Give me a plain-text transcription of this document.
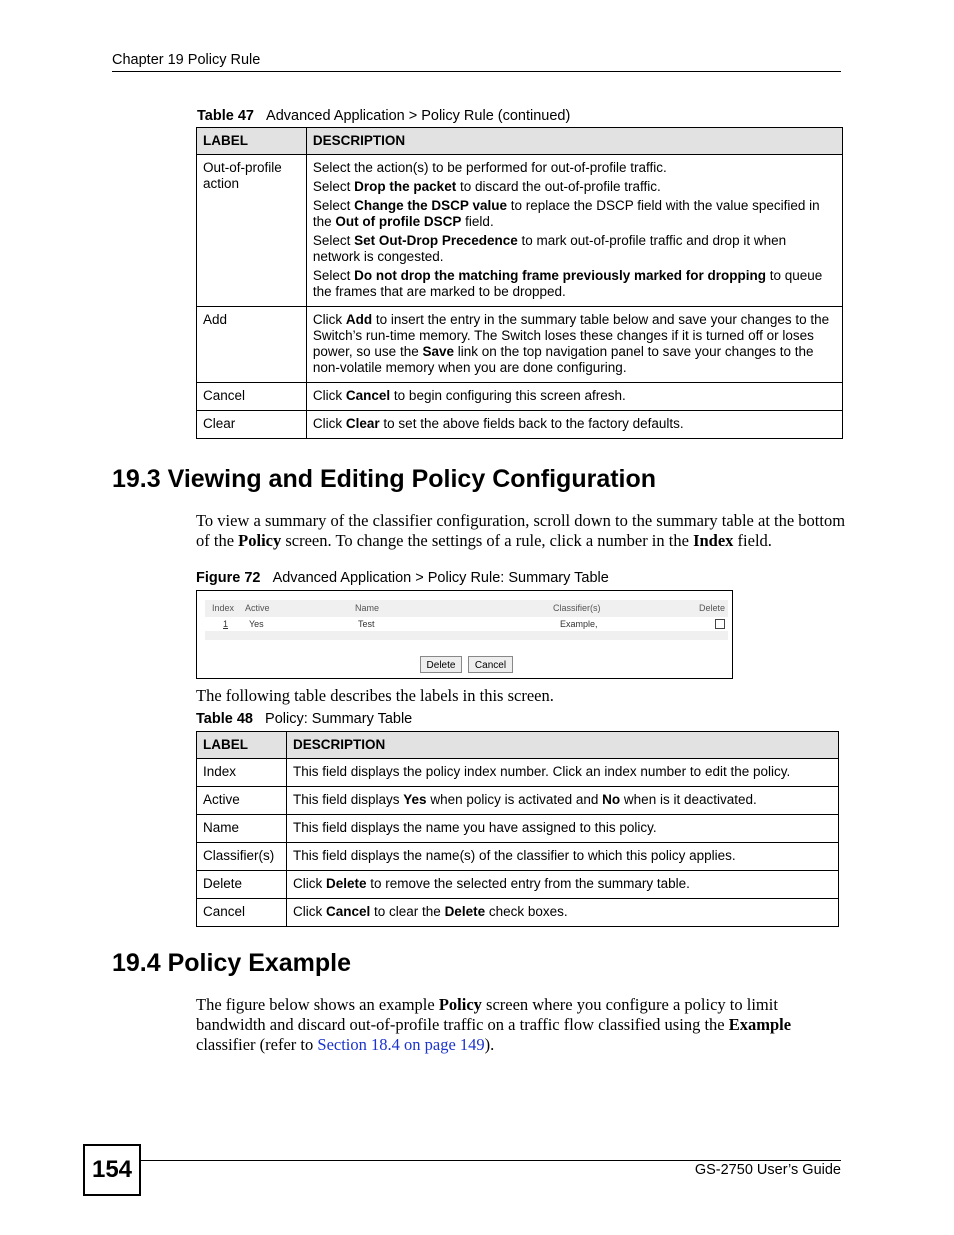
Chapter 19 Policy Rule
Table 47 Advanced Application > Policy Rule (continued)
LABEL	DESCRIPTION
Out-of-profile action	Select the action(s) to be performed for out-of-profile traffic.

Select Drop the packet to discard the out-of-profile traffic.

Select Change the DSCP value to replace the DSCP field with the value specified in the Out of profile DSCP field.

Select Set Out-Drop Precedence to mark out-of-profile traffic and drop it when network is congested.

Select Do not drop the matching frame previously marked for dropping to queue the frames that are marked to be dropped.

Add	Click Add to insert the entry in the summary table below and save your changes to the Switch’s run-time memory. The Switch loses these changes if it is turned off or loses power, so use the Save link on the top navigation panel to save your changes to the non-volatile memory when you are done configuring.
Cancel	Click Cancel to begin configuring this screen afresh.
Clear	Click Clear to set the above fields back to the factory defaults.
19.3 Viewing and Editing Policy Configuration
To view a summary of the classifier configuration, scroll down to the summary table at the bottom of the Policy screen. To change the settings of a rule, click a number in the Index field.
Figure 72 Advanced Application > Policy Rule: Summary Table
Index Active	Name	Classifier(s)	Delete
1 Yes	Test	Example,
Delete	Cancel
The following table describes the labels in this screen.
Table 48 Policy: Summary Table
LABEL	DESCRIPTION
Index	This field displays the policy index number. Click an index number to edit the policy.
Active	This field displays Yes when policy is activated and No when is it deactivated.
Name	This field displays the name you have assigned to this policy.
Classifier(s)	This field displays the name(s) of the classifier to which this policy applies.
Delete	Click Delete to remove the selected entry from the summary table.
Cancel	Click Cancel to clear the Delete check boxes.
19.4 Policy Example
The figure below shows an example Policy screen where you configure a policy to limit bandwidth and discard out-of-profile traffic on a traffic flow classified using the Example classifier (refer to Section 18.4 on page 149).
154	GS-2750 User’s Guide
